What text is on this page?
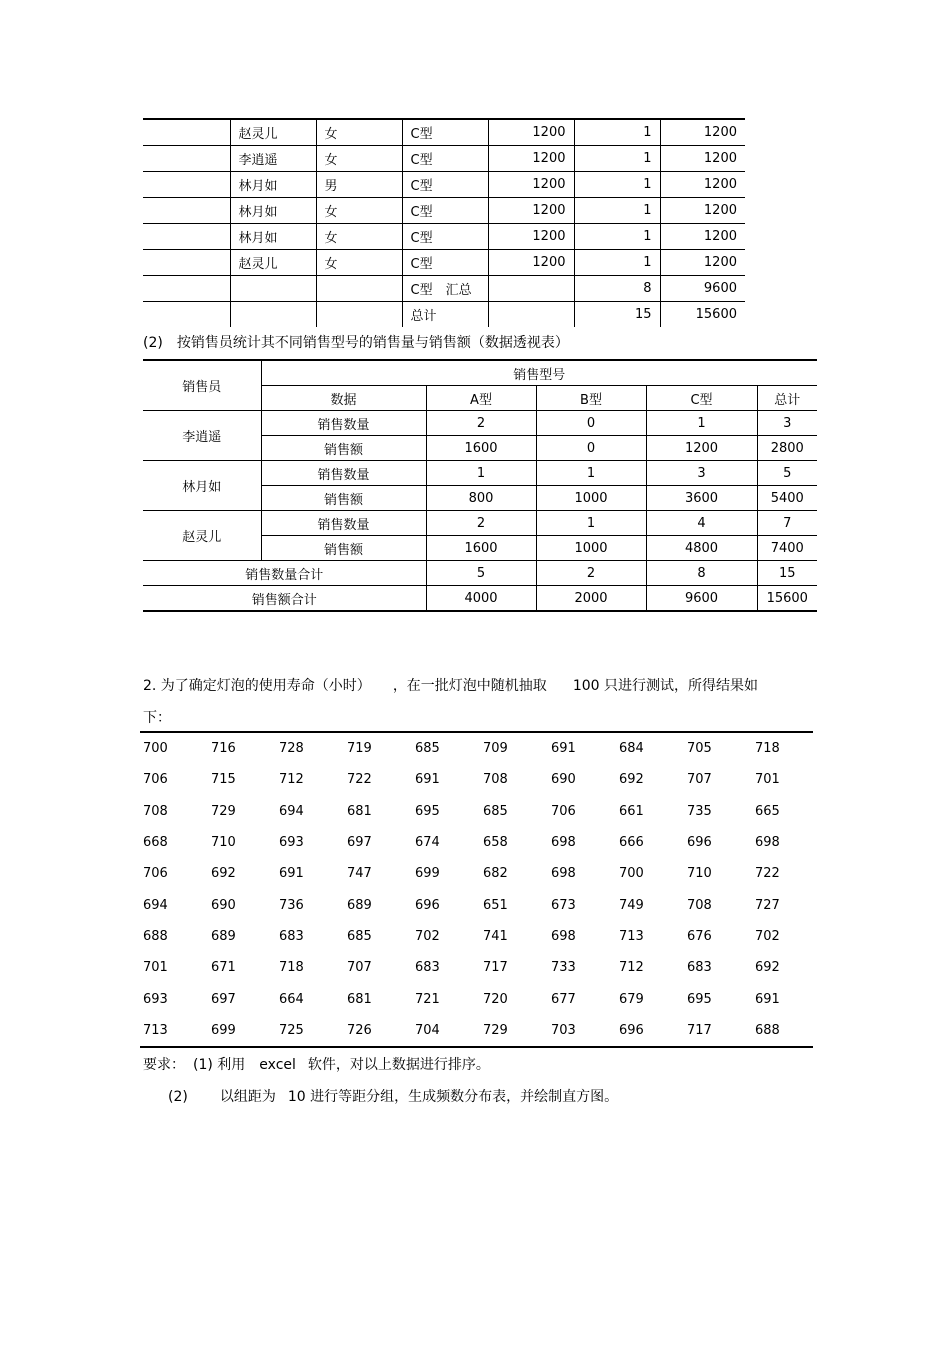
	赵灵儿	女	C型	1200	1	1200
	李逍遥	女	C型	1200	1	1200
	林月如	男	C型	1200	1	1200
	林月如	女	C型	1200	1	1200
	林月如	女	C型	1200	1	1200
	赵灵儿	女	C型	1200	1	1200
			C型　汇总		8	9600
			总计		15	15600
(2)　按销售员统计其不同销售型号的销售量与销售额（数据透视表）
销售员	销售型号				
	数据	A型	B型	C型	总计
李逍遥	销售数量	2	0	1	3
	销售额	1600	0	1200	2800
林月如	销售数量	1	1	3	5
	销售额	800	1000	3600	5400
赵灵儿	销售数量	2	1	4	7
	销售额	1600	1000	4800	7400
销售数量合计		5	2	8	15
销售额合计		4000	2000	9600	15600
2. 为了确定灯泡的使用寿命（小时） ，在一批灯泡中随机抽取 100 只进行测试，所得结果如
下：
700	716	728	719	685	709	691	684	705	718
706	715	712	722	691	708	690	692	707	701
708	729	694	681	695	685	706	661	735	665
668	710	693	697	674	658	698	666	696	698
706	692	691	747	699	682	698	700	710	722
694	690	736	689	696	651	673	749	708	727
688	689	683	685	702	741	698	713	676	702
701	671	718	707	683	717	733	712	683	692
693	697	664	681	721	720	677	679	695	691
713	699	725	726	704	729	703	696	717	688
要求： (1) 利用 excel 软件，对以上数据进行排序。
(2) 以组距为 10 进行等距分组，生成频数分布表，并绘制直方图。
